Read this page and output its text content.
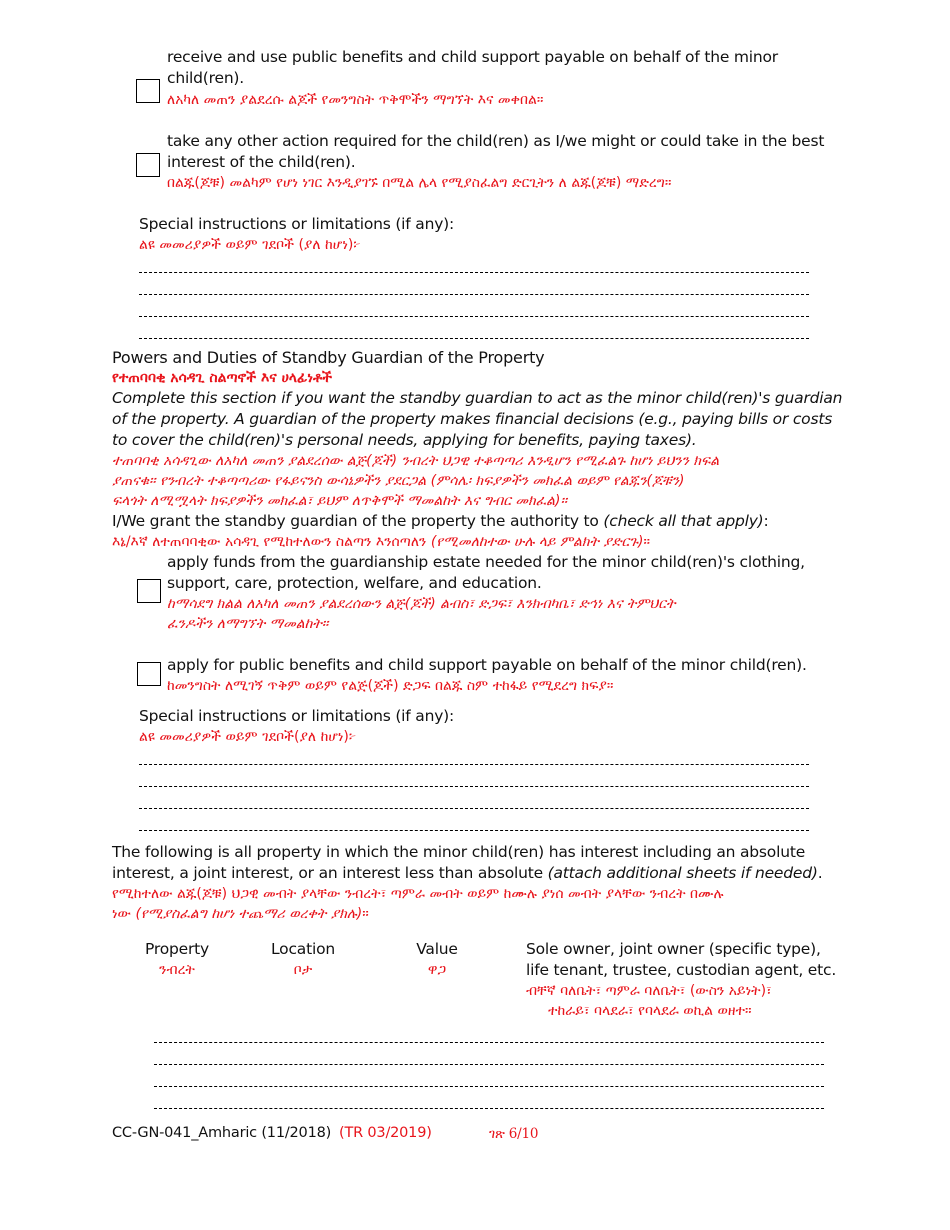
receive and use public benefits and child support payable on behalf of the minor
child(ren).
ለአካለ መጠን ያልደረሱ ልጆች የመንግስት ጥቅሞችን ማግኘት እና መቀበል።
take any other action required for the child(ren) as I/we might or could take in the best
interest of the child(ren).
በልጁ(ጆቹ) መልካም የሆነ ነገር እንዲያገኙ በሚል ሌላ የሚያስፈልግ ድርጊትን ለ ልጁ(ጆቹ) ማድረግ።
Special instructions or limitations (if any):
ልዩ መመሪያዎች ወይም ገደቦች (ያለ ከሆነ)፦
Powers and Duties of Standby Guardian of the Property
የተጠባባቂ አሳዳጊ ስልጣኖች እና ሀላፊነቶች
Complete this section if you want the standby guardian to act as the minor child(ren)'s guardian
of the property. A guardian of the property makes financial decisions (e.g., paying bills or costs
to cover the child(ren)'s personal needs, applying for benefits, paying taxes).
ተጠባባቂ አሳዳጊው ለአካለ መጠን ያልደረሰው ልጅ(ጆች) ንብረት ህጋዊ ተቆጣጣሪ እንዲሆን የሚፈልጉ ከሆነ ይህንን ክፍል
ያጠናቁ። የንብረት ተቆጣጣሪው የፋይናንስ ውሳኔዎችን ያደርጋል (ምሳሌ፡ ክፍያዎችን መክፈል ወይም የልጁን(ጆቹን)
ፍላጎት ለሚሟላት ክፍያዎችን መክፈል፣ ይህም ለጥቅሞች ማመልከት እና ግብር መክፈል)።
I/We grant the standby guardian of the property the authority to (check all that apply):
እኔ/እኛ ለተጠባባቂው አሳዳጊ የሚከተለውን ስልጣን እንሰጣለን (የሚመለከተው ሁሉ ላይ ምልክት ያድርጉ)።
apply funds from the guardianship estate needed for the minor child(ren)'s clothing,
support, care, protection, welfare, and education.
ከማሳደግ ክልል ለአካለ መጠን ያልደረሰውን ልጅ(ጆች) ልብስ፣ ድጋፍ፣ እንክብካቤ፣ ድኅነ እና ትምህርት
ፈንዶችን ለማግኘት ማመልከት።
apply for public benefits and child support payable on behalf of the minor child(ren).
ከመንግስት ለሚገኝ ጥቅም ወይም የልጅ(ጆች) ድጋፍ በልጁ ስም ተከፋይ የሚደረግ ክፍያ።
Special instructions or limitations (if any):
ልዩ መመሪያዎች ወይም ገደቦች(ያለ ከሆነ)፦
The following is all property in which the minor child(ren) has interest including an absolute
interest, a joint interest, or an interest less than absolute (attach additional sheets if needed).
የሚከተለው ልጁ(ጆቹ) ህጋዊ መብት ያላቸው ንብረት፣ ጣምራ መብት ወይም ከሙሉ ያነሰ መብት ያላቸው ንብረት በሙሉ
ነው (የሚያስፈልግ ከሆነ ተጨማሪ ወረቀት ያክሉ)።
Property
ንብረት
Location
ቦታ
Value
ዋጋ
Sole owner, joint owner (specific type),
life tenant, trustee, custodian agent, etc.
ብቸኛ ባለቤት፣ ጣምራ ባለቤት፣ (ውስን አይነት)፣
ተከራይ፣ ባላደራ፣ የባላደራ ወኪል ወዘተ።
CC-GN-041_Amharic (11/2018) (TR 03/2019)	ገጽ 6/10
